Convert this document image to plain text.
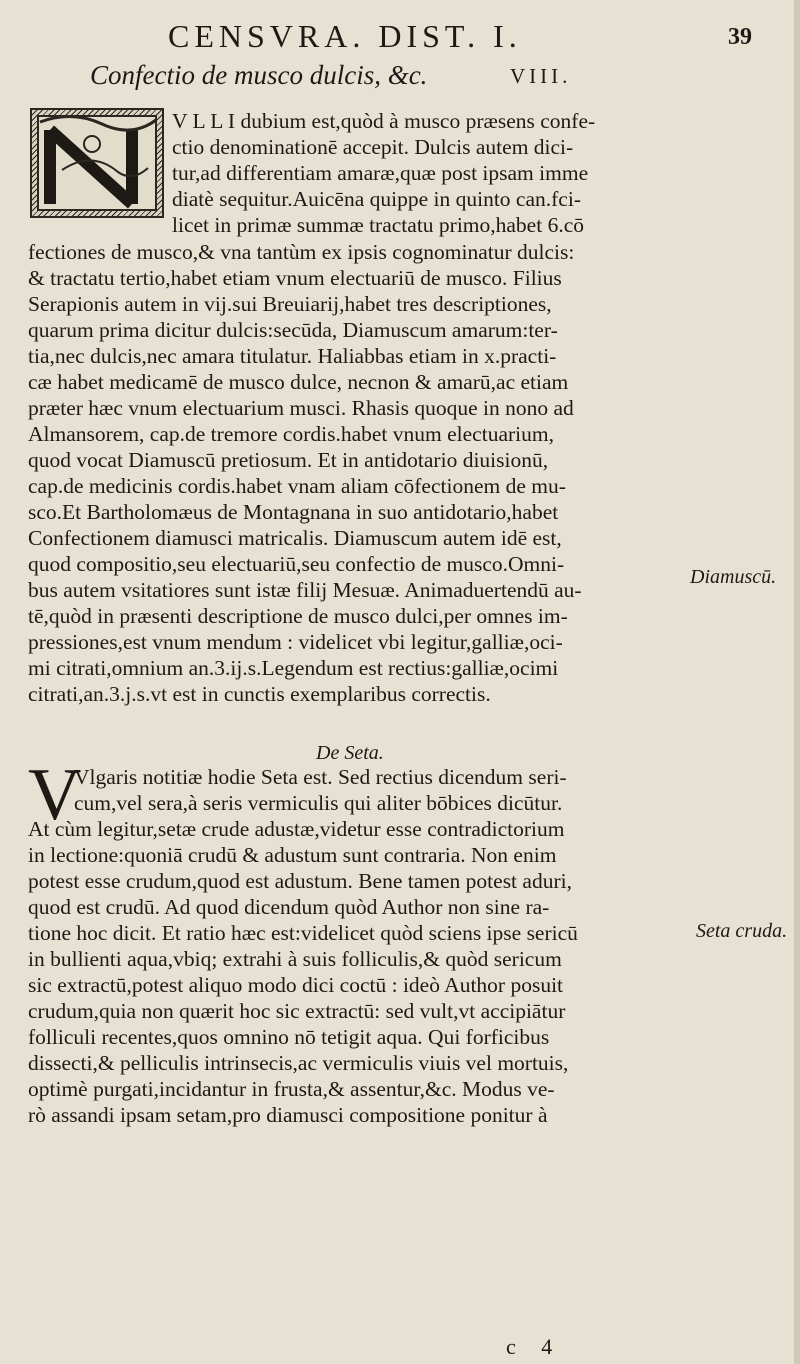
CENSVRA. DIST. I.	39
Confectio de musco dulcis, &c.	VIII.
V L L I dubium est,quòd à musco præsens confe-
ctio denominationē accepit. Dulcis autem dici-
tur,ad differentiam amaræ,quæ post ipsam imme
diatè sequitur.Auicēna quippe in quinto can.fci-
licet in primæ summæ tractatu primo,habet 6.cō
fectiones de musco,& vna tantùm ex ipsis cognominatur dulcis:
& tractatu tertio,habet etiam vnum electuariū de musco. Filius
Serapionis autem in vij.sui Breuiarij,habet tres descriptiones,
quarum prima dicitur dulcis:secūda, Diamuscum amarum:ter-
tia,nec dulcis,nec amara titulatur. Haliabbas etiam in x.practi-
cæ habet medicamē de musco dulce, necnon & amarū,ac etiam
præter hæc vnum electuarium musci. Rhasis quoque in nono ad
Almansorem, cap.de tremore cordis.habet vnum electuarium,
quod vocat Diamuscū pretiosum. Et in antidotario diuisionū,
cap.de medicinis cordis.habet vnam aliam cōfectionem de mu-
sco.Et Bartholomæus de Montagnana in suo antidotario,habet
Confectionem diamusci matricalis. Diamuscum autem idē est,
quod compositio,seu electuariū,seu confectio de musco.Omni-
bus autem vsitatiores sunt istæ filij Mesuæ. Animaduertendū au-
tē,quòd in præsenti descriptione de musco dulci,per omnes im-
pressiones,est vnum mendum : videlicet vbi legitur,galliæ,oci-
mi citrati,omnium an.3.ij.s.Legendum est rectius:galliæ,ocimi
citrati,an.3.j.s.vt est in cunctis exemplaribus correctis.
De Seta.
V
Vlgaris notitiæ hodie Seta est. Sed rectius dicendum seri-
cum,vel sera,à seris vermiculis qui aliter bōbices dicūtur.
At cùm legitur,setæ crude adustæ,videtur esse contradictorium
in lectione:quoniā crudū & adustum sunt contraria. Non enim
potest esse crudum,quod est adustum. Bene tamen potest aduri,
quod est crudū. Ad quod dicendum quòd Author non sine ra-
tione hoc dicit. Et ratio hæc est:videlicet quòd sciens ipse sericū
in bullienti aqua,vbiq; extrahi à suis folliculis,& quòd sericum
sic extractū,potest aliquo modo dici coctū : ideò Author posuit
crudum,quia non quærit hoc sic extractū: sed vult,vt accipiātur
folliculi recentes,quos omnino nō tetigit aqua. Qui forficibus
dissecti,& pelliculis intrinsecis,ac vermiculis viuis vel mortuis,
optimè purgati,incidantur in frusta,& assentur,&c. Modus ve-
rò assandi ipsam setam,pro diamusci compositione ponitur à
Diamuscū.
Seta cruda.
c 4
